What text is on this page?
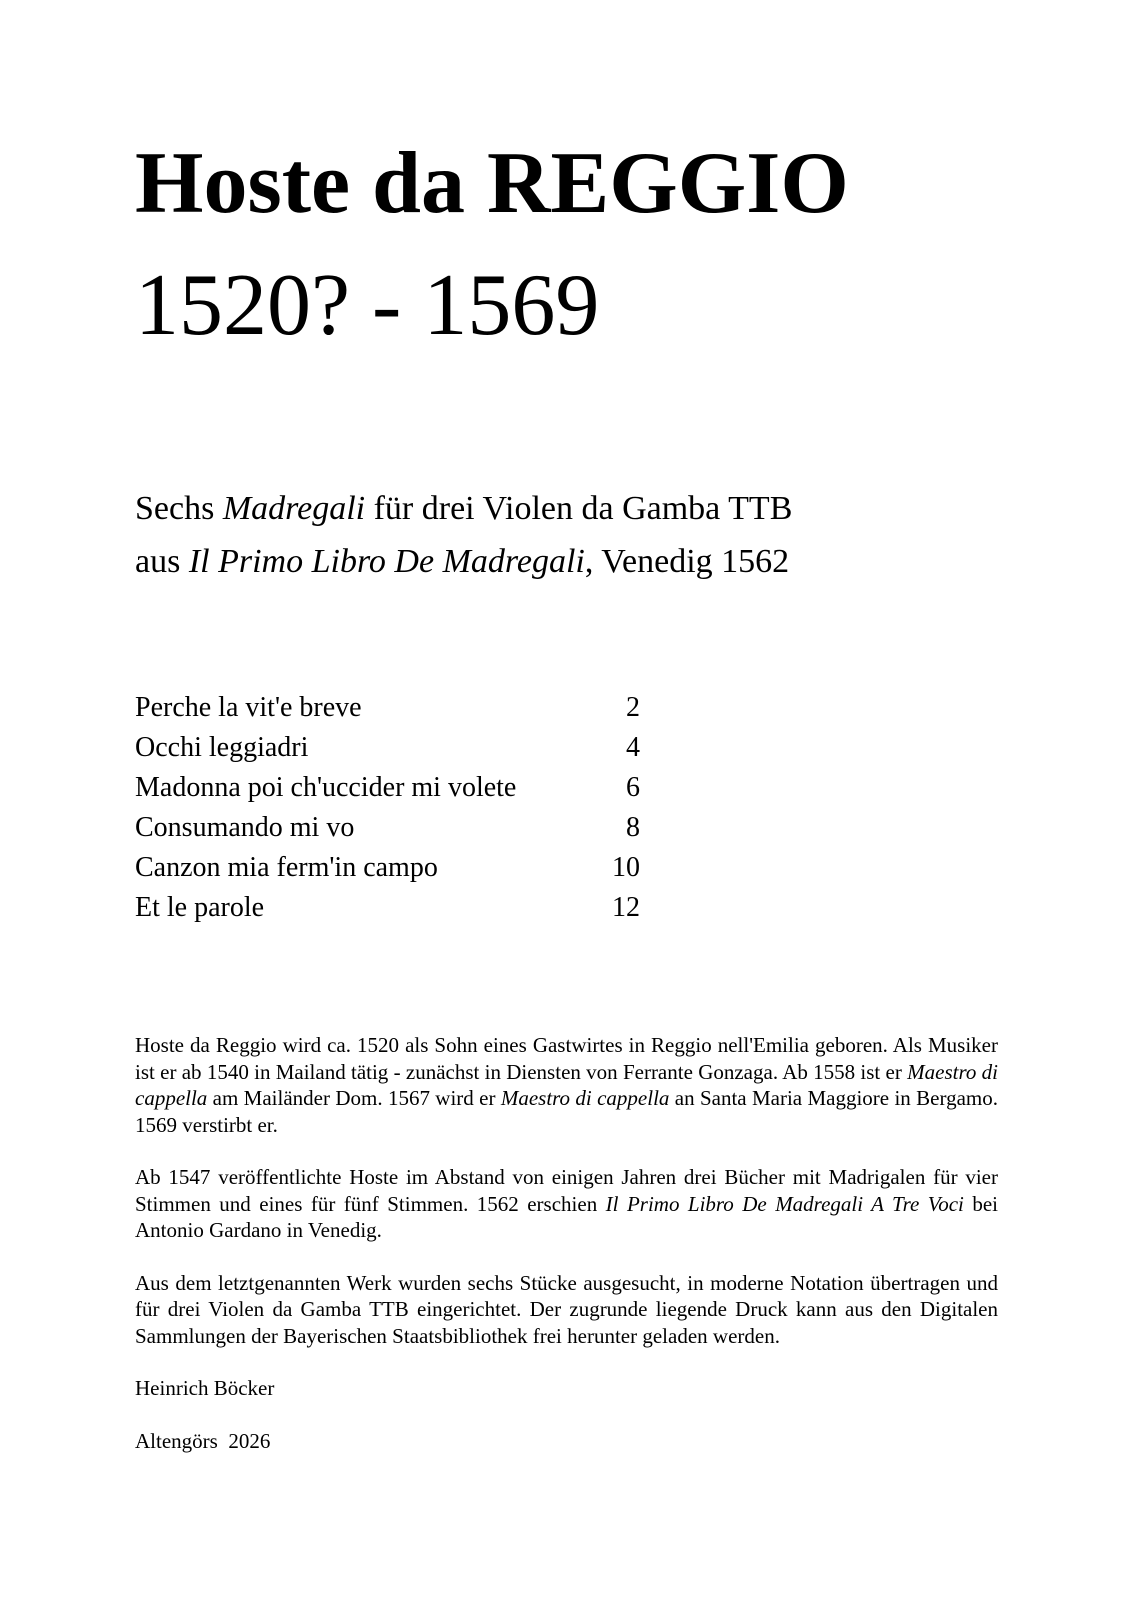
Hoste da REGGIO
1520? - 1569
Sechs Madregali für drei Violen da Gamba TTB
aus Il Primo Libro De Madregali, Venedig 1562
Perche la vit'e breve	2
Occhi leggiadri	4
Madonna poi ch'uccider mi volete	6
Consumando mi vo	8
Canzon mia ferm'in campo	10
Et le parole	12

Hoste da Reggio wird ca. 1520 als Sohn eines Gastwirtes in Reggio nell'Emilia geboren. Als Musiker ist er ab 1540 in Mailand tätig - zunächst in Diensten von Ferrante Gonzaga. Ab 1558 ist er Maestro di cappella am Mailänder Dom. 1567 wird er Maestro di cappella an Santa Maria Maggiore in Bergamo. 1569 verstirbt er.

Ab 1547 veröffentlichte Hoste im Abstand von einigen Jahren drei Bücher mit Madrigalen für vier Stimmen und eines für fünf Stimmen. 1562 erschien Il Primo Libro De Madregali A Tre Voci bei Antonio Gardano in Venedig.

Aus dem letztgenannten Werk wurden sechs Stücke ausgesucht, in moderne Notation übertragen und für drei Violen da Gamba TTB eingerichtet. Der zugrunde liegende Druck kann aus den Digitalen Sammlungen der Bayerischen Staatsbibliothek frei herunter geladen werden.

Heinrich Böcker

Altengörs  2026
